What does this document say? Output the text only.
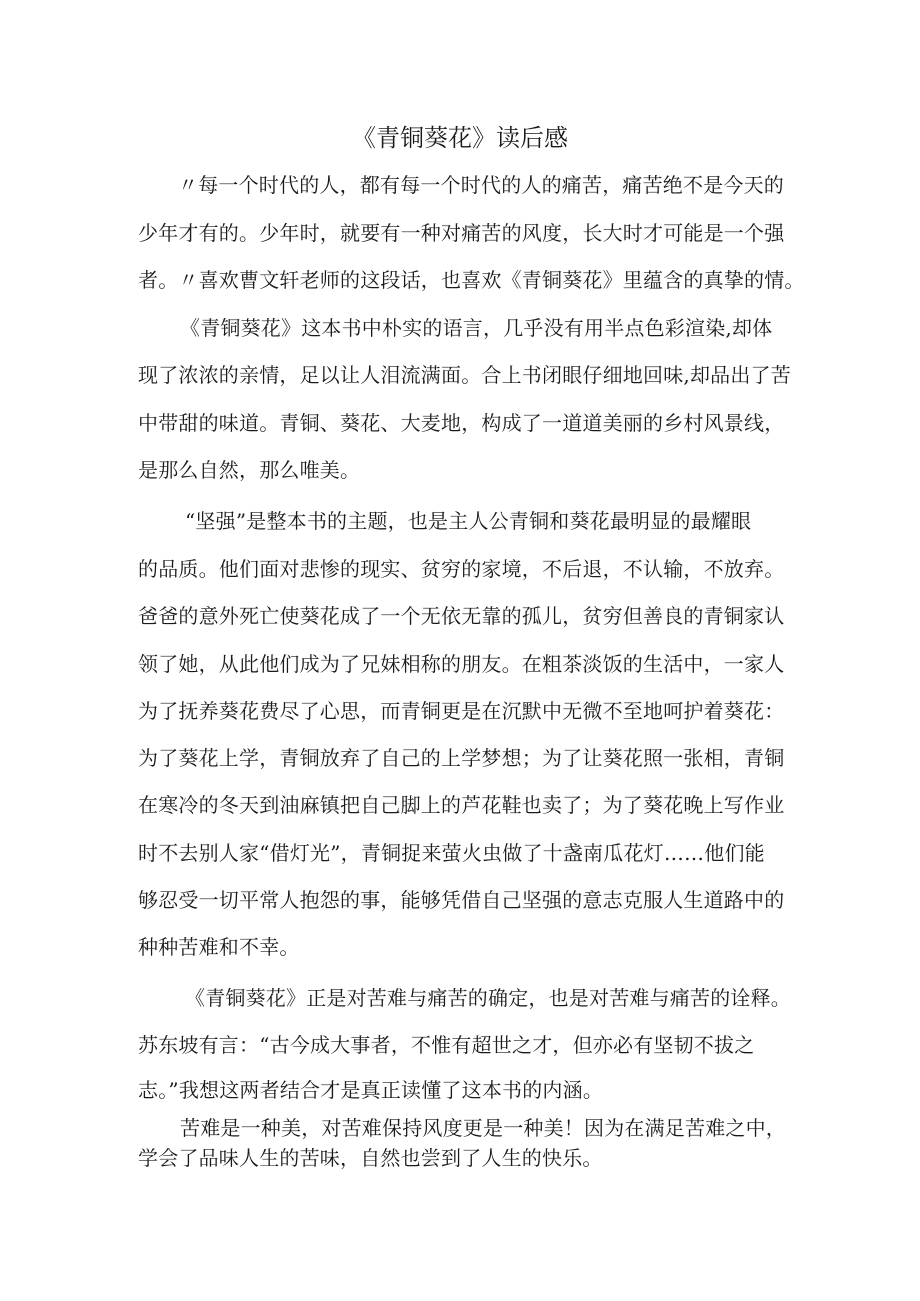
《青铜葵花》读后感
〃每一个时代的人，都有每一个时代的人的痛苦，痛苦绝不是今天的
少年才有的。少年时，就要有一种对痛苦的风度，长大时才可能是一个强
者。〃喜欢曹文轩老师的这段话，也喜欢《青铜葵花》里蕴含的真挚的情。
《青铜葵花》这本书中朴实的语言，几乎没有用半点色彩渲染,却体
现了浓浓的亲情，足以让人泪流满面。合上书闭眼仔细地回味,却品出了苦
中带甜的味道。青铜、葵花、大麦地，构成了一道道美丽的乡村风景线，
是那么自然，那么唯美。
“坚强”是整本书的主题，也是主人公青铜和葵花最明显的最耀眼
的品质。他们面对悲惨的现实、贫穷的家境，不后退，不认输，不放弃。
爸爸的意外死亡使葵花成了一个无依无靠的孤儿，贫穷但善良的青铜家认
领了她，从此他们成为了兄妹相称的朋友。在粗茶淡饭的生活中，一家人
为了抚养葵花费尽了心思，而青铜更是在沉默中无微不至地呵护着葵花：
为了葵花上学，青铜放弃了自己的上学梦想；为了让葵花照一张相，青铜
在寒冷的冬天到油麻镇把自己脚上的芦花鞋也卖了；为了葵花晚上写作业
时不去别人家“借灯光”，青铜捉来萤火虫做了十盏南瓜花灯……他们能
够忍受一切平常人抱怨的事，能够凭借自己坚强的意志克服人生道路中的
种种苦难和不幸。
《青铜葵花》正是对苦难与痛苦的确定，也是对苦难与痛苦的诠释。
苏东坡有言：“古今成大事者，不惟有超世之才，但亦必有坚韧不拔之
志。”我想这两者结合才是真正读懂了这本书的内涵。
苦难是一种美，对苦难保持风度更是一种美！因为在满足苦难之中，
学会了品味人生的苦味，自然也尝到了人生的快乐。
